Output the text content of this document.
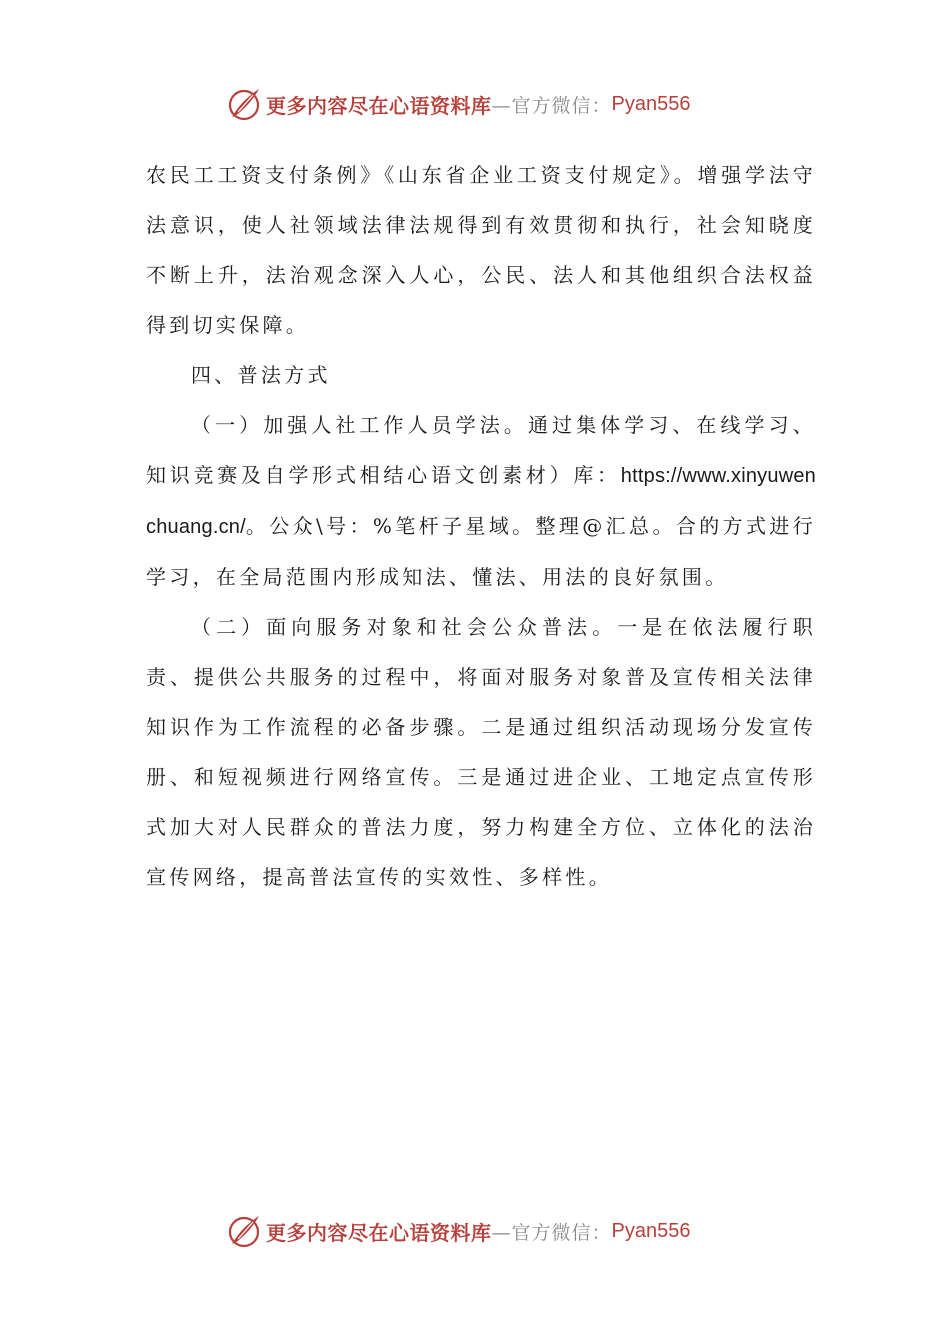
更多内容尽在心语资料库 —官方微信： Pyan556

农民工工资支付条例》《山东省企业工资支付规定》。增强学法守法意识，使人社领域法律法规得到有效贯彻和执行，社会知晓度不断上升，法治观念深入人心，公民、法人和其他组织合法权益得到切实保障。

四、普法方式

（一）加强人社工作人员学法。通过集体学习、在线学习、知识竞赛及自学形式相结心语文创素材）库：https://www.xinyuwenchuang.cn/。公众\号：%笔杆子星域。整理@汇总。合的方式进行学习，在全局范围内形成知法、懂法、用法的良好氛围。

（二）面向服务对象和社会公众普法。一是在依法履行职责、提供公共服务的过程中，将面对服务对象普及宣传相关法律知识作为工作流程的必备步骤。二是通过组织活动现场分发宣传册、和短视频进行网络宣传。三是通过进企业、工地定点宣传形式加大对人民群众的普法力度，努力构建全方位、立体化的法治宣传网络，提高普法宣传的实效性、多样性。

更多内容尽在心语资料库 —官方微信： Pyan556
